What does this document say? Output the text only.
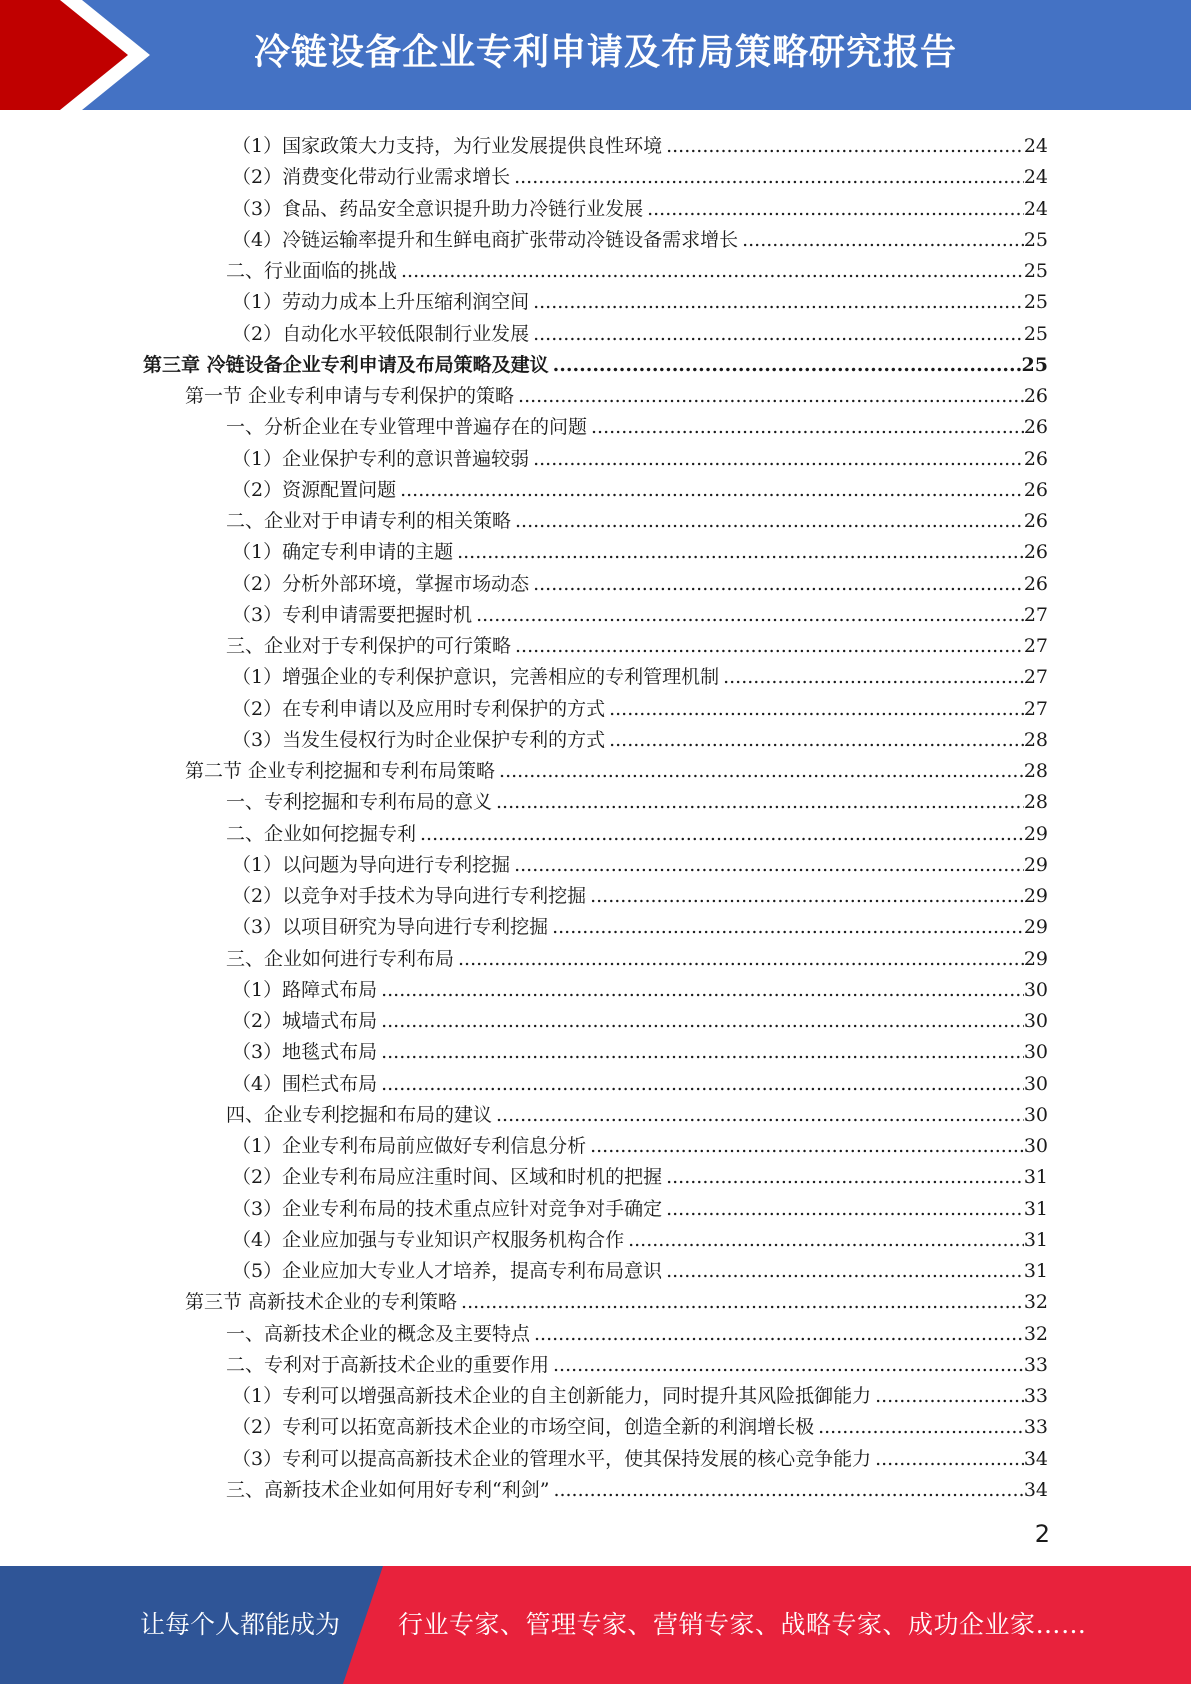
冷链设备企业专利申请及布局策略研究报告
（1）国家政策大力支持，为行业发展提供良性环境 .....	24
（2）消费变化带动行业需求增长 .....	24
（3）食品、药品安全意识提升助力冷链行业发展 .....	24
（4）冷链运输率提升和生鲜电商扩张带动冷链设备需求增长 .....	25
二、行业面临的挑战 .....	25
（1）劳动力成本上升压缩利润空间 .....	25
（2）自动化水平较低限制行业发展 .....	25
第三章 冷链设备企业专利申请及布局策略及建议 .....	25
第一节 企业专利申请与专利保护的策略 .....	26
一、分析企业在专业管理中普遍存在的问题 .....	26
（1）企业保护专利的意识普遍较弱 .....	26
（2）资源配置问题 .....	26
二、企业对于申请专利的相关策略 .....	26
（1）确定专利申请的主题 .....	26
（2）分析外部环境，掌握市场动态 .....	26
（3）专利申请需要把握时机 .....	27
三、企业对于专利保护的可行策略 .....	27
（1）增强企业的专利保护意识，完善相应的专利管理机制 .....	27
（2）在专利申请以及应用时专利保护的方式 .....	27
（3）当发生侵权行为时企业保护专利的方式 .....	28
第二节 企业专利挖掘和专利布局策略 .....	28
一、专利挖掘和专利布局的意义 .....	28
二、企业如何挖掘专利 .....	29
（1）以问题为导向进行专利挖掘 .....	29
（2）以竞争对手技术为导向进行专利挖掘 .....	29
（3）以项目研究为导向进行专利挖掘 .....	29
三、企业如何进行专利布局 .....	29
（1）路障式布局 .....	30
（2）城墙式布局 .....	30
（3）地毯式布局 .....	30
（4）围栏式布局 .....	30
四、企业专利挖掘和布局的建议 .....	30
（1）企业专利布局前应做好专利信息分析 .....	30
（2）企业专利布局应注重时间、区域和时机的把握 .....	31
（3）企业专利布局的技术重点应针对竞争对手确定 .....	31
（4）企业应加强与专业知识产权服务机构合作 .....	31
（5）企业应加大专业人才培养，提高专利布局意识 .....	31
第三节 高新技术企业的专利策略 .....	32
一、高新技术企业的概念及主要特点 .....	32
二、专利对于高新技术企业的重要作用 .....	33
（1）专利可以增强高新技术企业的自主创新能力，同时提升其风险抵御能力 .....	33
（2）专利可以拓宽高新技术企业的市场空间，创造全新的利润增长极 .....	33
（3）专利可以提高高新技术企业的管理水平，使其保持发展的核心竞争能力 .....	34
三、高新技术企业如何用好专利“利剑” .....	34
2
让每个人都能成为 行业专家、管理专家、营销专家、战略专家、成功企业家……
